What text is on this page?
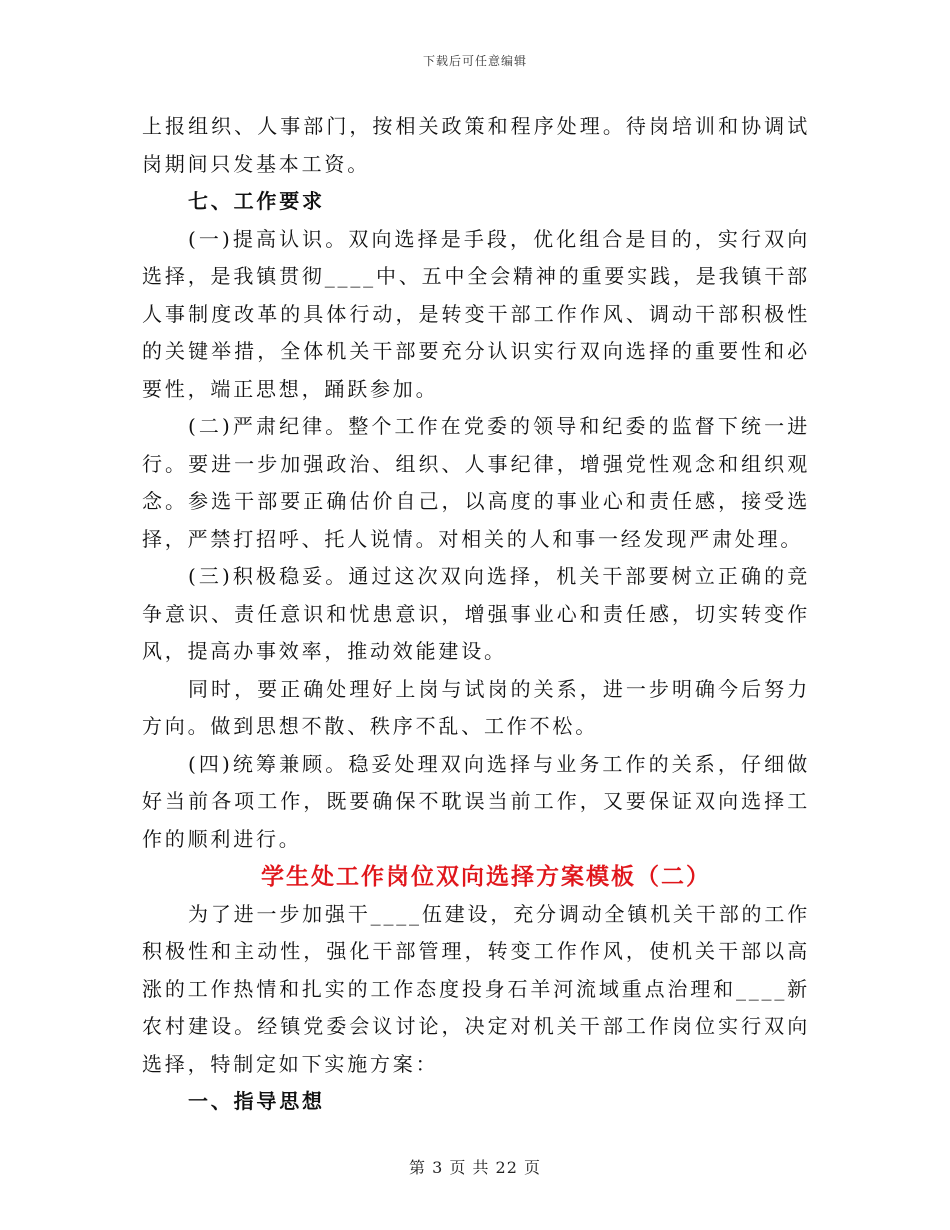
下载后可任意编辑

上报组织、人事部门，按相关政策和程序处理。待岗培训和协调试岗期间只发基本工资。

七、工作要求

(一)提高认识。双向选择是手段，优化组合是目的，实行双向选择，是我镇贯彻____中、五中全会精神的重要实践，是我镇干部人事制度改革的具体行动，是转变干部工作作风、调动干部积极性的关键举措，全体机关干部要充分认识实行双向选择的重要性和必要性，端正思想，踊跃参加。

(二)严肃纪律。整个工作在党委的领导和纪委的监督下统一进行。要进一步加强政治、组织、人事纪律，增强党性观念和组织观念。参选干部要正确估价自己，以高度的事业心和责任感，接受选择，严禁打招呼、托人说情。对相关的人和事一经发现严肃处理。

(三)积极稳妥。通过这次双向选择，机关干部要树立正确的竞争意识、责任意识和忧患意识，增强事业心和责任感，切实转变作风，提高办事效率，推动效能建设。

同时，要正确处理好上岗与试岗的关系，进一步明确今后努力方向。做到思想不散、秩序不乱、工作不松。

(四)统筹兼顾。稳妥处理双向选择与业务工作的关系，仔细做好当前各项工作，既要确保不耽误当前工作，又要保证双向选择工作的顺利进行。

学生处工作岗位双向选择方案模板（二）

为了进一步加强干____伍建设，充分调动全镇机关干部的工作积极性和主动性，强化干部管理，转变工作作风，使机关干部以高涨的工作热情和扎实的工作态度投身石羊河流域重点治理和____新农村建设。经镇党委会议讨论，决定对机关干部工作岗位实行双向选择，特制定如下实施方案：

一、指导思想

第 3 页 共 22 页
